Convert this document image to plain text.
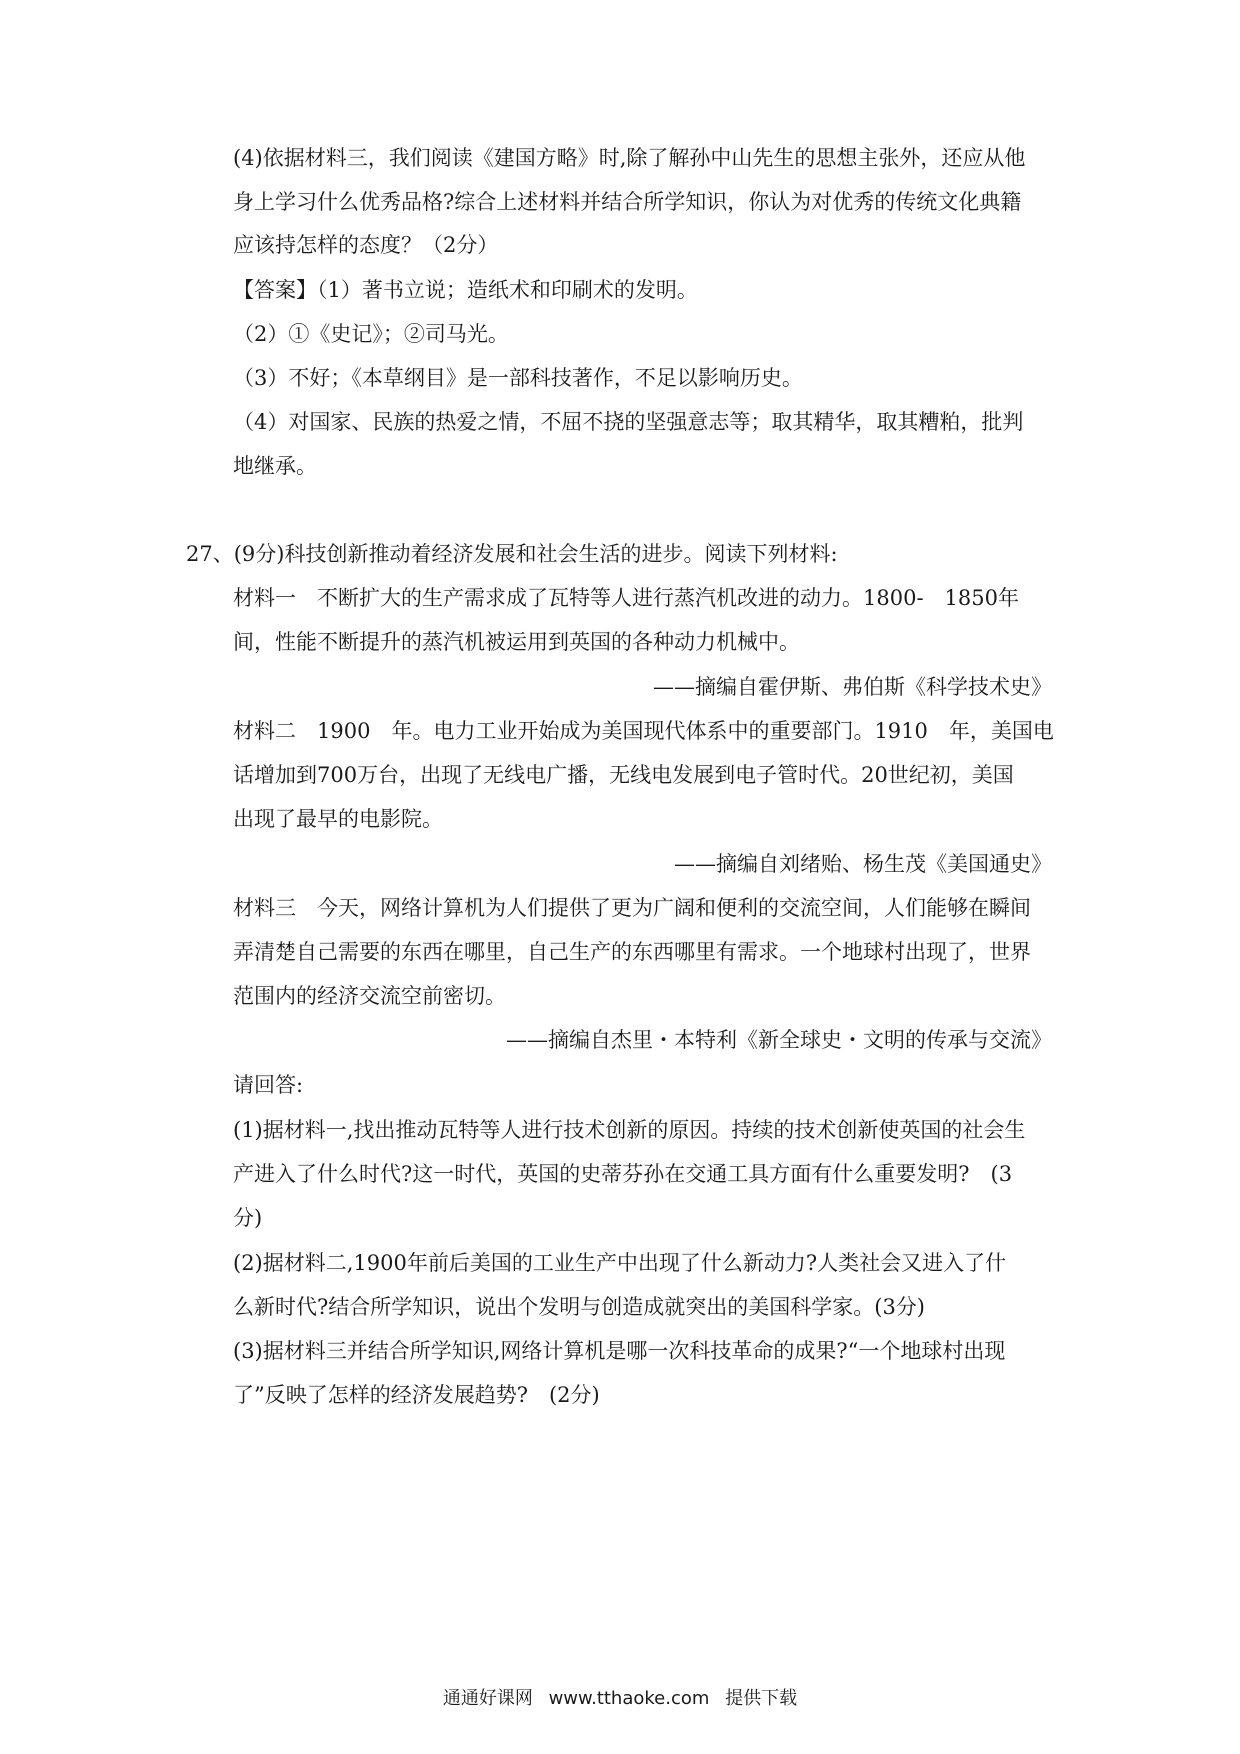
(4)依据材料三，我们阅读《建国方略》时,除了解孙中山先生的思想主张外，还应从他
身上学习什么优秀品格?综合上述材料并结合所学知识，你认为对优秀的传统文化典籍
应该持怎样的态度？（2分）
【答案】（1）著书立说；造纸术和印刷术的发明。
（2）①《史记》；②司马光。
（3）不好；《本草纲目》是一部科技著作，不足以影响历史。
（4）对国家、民族的热爱之情，不屈不挠的坚强意志等；取其精华，取其糟粕，批判
地继承。
27、(9分)科技创新推动着经济发展和社会生活的进步。阅读下列材料:
材料一　不断扩大的生产需求成了瓦特等人进行蒸汽机改进的动力。1800-　1850年
间，性能不断提升的蒸汽机被运用到英国的各种动力机械中。
——摘编自霍伊斯、弗伯斯《科学技术史》
材料二　1900　年。电力工业开始成为美国现代体系中的重要部门。1910　年，美国电
话增加到700万台，出现了无线电广播，无线电发展到电子管时代。20世纪初，美国
出现了最早的电影院。
——摘编自刘绪贻、杨生茂《美国通史》
材料三　今天，网络计算机为人们提供了更为广阔和便利的交流空间，人们能够在瞬间
弄清楚自己需要的东西在哪里，自己生产的东西哪里有需求。一个地球村出现了，世界
范围内的经济交流空前密切。
——摘编自杰里・本特利《新全球史・文明的传承与交流》
请回答:
(1)据材料一,找出推动瓦特等人进行技术创新的原因。持续的技术创新使英国的社会生
产进入了什么时代?这一时代，英国的史蒂芬孙在交通工具方面有什么重要发明?　(3
分)
(2)据材料二,1900年前后美国的工业生产中出现了什么新动力?人类社会又进入了什
么新时代?结合所学知识，说出个发明与创造成就突出的美国科学家。(3分)
(3)据材料三并结合所学知识,网络计算机是哪一次科技革命的成果?“一个地球村出现
了”反映了怎样的经济发展趋势?　(2分)
通通好课网 www.tthaoke.com 提供下载
